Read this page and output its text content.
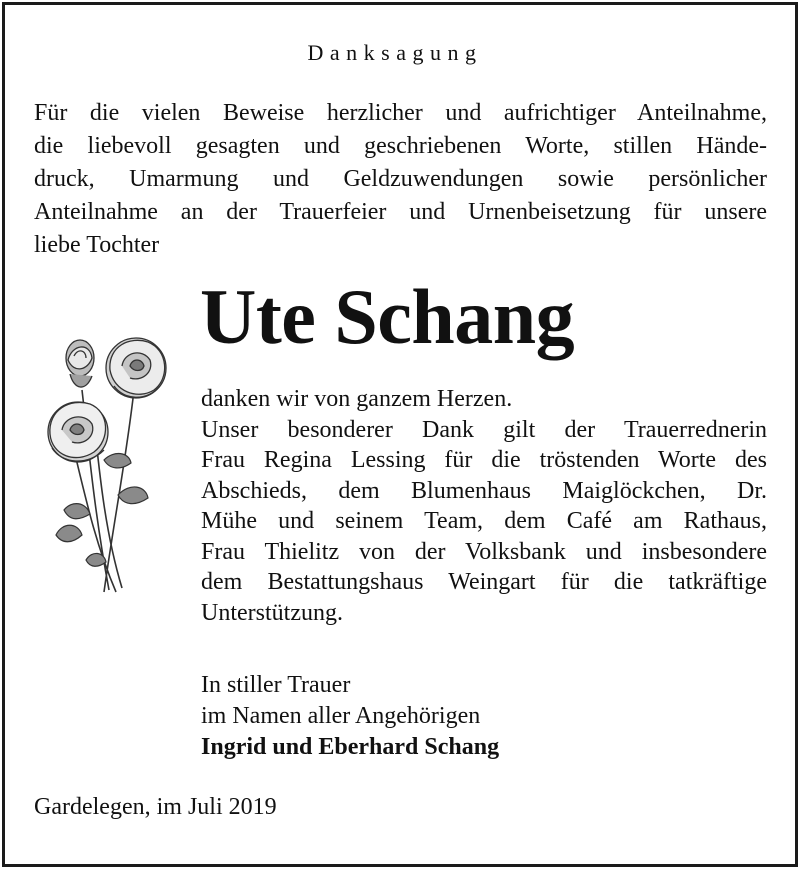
Danksagung
Für die vielen Beweise herzlicher und aufrichtiger Anteilnahme,
die liebevoll gesagten und geschriebenen Worte, stillen Hände-
druck, Umarmung und Geldzuwendungen sowie persönlicher
Anteilnahme an der Trauerfeier und Urnenbeisetzung für unsere
liebe Tochter
Ute Schang
danken wir von ganzem Herzen.
Unser besonderer Dank gilt der Trauerrednerin
Frau Regina Lessing für die tröstenden Worte des
Abschieds, dem Blumenhaus Maiglöckchen, Dr.
Mühe und seinem Team, dem Café am Rathaus,
Frau Thielitz von der Volksbank und insbesondere
dem Bestattungshaus Weingart für die tatkräftige
Unterstützung.
In stiller Trauer
im Namen aller Angehörigen
Ingrid und Eberhard Schang
Gardelegen, im Juli 2019
